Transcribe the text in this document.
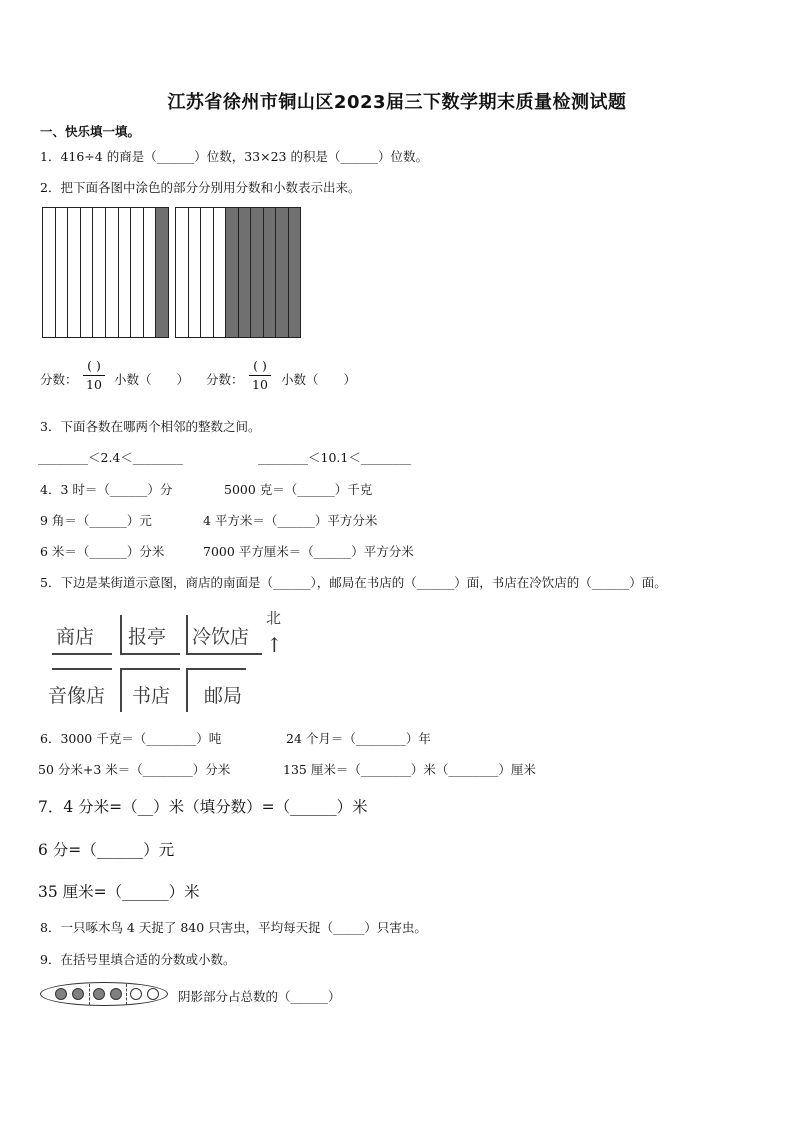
江苏省徐州市铜山区2023届三下数学期末质量检测试题
一、快乐填一填。
1．416÷4 的商是（______）位数，33×23 的积是（______）位数。
2．把下面各图中涂色的部分分别用分数和小数表示出来。
分数：
( )
10 小数（　　） 分数：
( )
10 小数（　　）
3．下面各数在哪两个相邻的整数之间。
________＜2.4＜________	________＜10.1＜________
4．3 时＝（______）分	5000 克＝（______）千克
9 角＝（______）元	4 平方米＝（______）平方分米
6 米＝（______）分米	7000 平方厘米＝（______）平方分米
5．下边是某街道示意图，商店的南面是（______），邮局在书店的（______）面，书店在冷饮店的（______）面。
商店 报亭 冷饮店
音像店 书店 邮局
北
↑
6．3000 千克＝（________）吨	24 个月＝（________）年
50 分米+3 米＝（________）分米	135 厘米＝（________）米（________）厘米
7．4 分米=（__）米（填分数）=（______）米
6 分=（______）元
35 厘米=（______）米
8．一只啄木鸟 4 天捉了 840 只害虫，平均每天捉（_____）只害虫。
9．在括号里填合适的分数或小数。
阴影部分占总数的（______）
